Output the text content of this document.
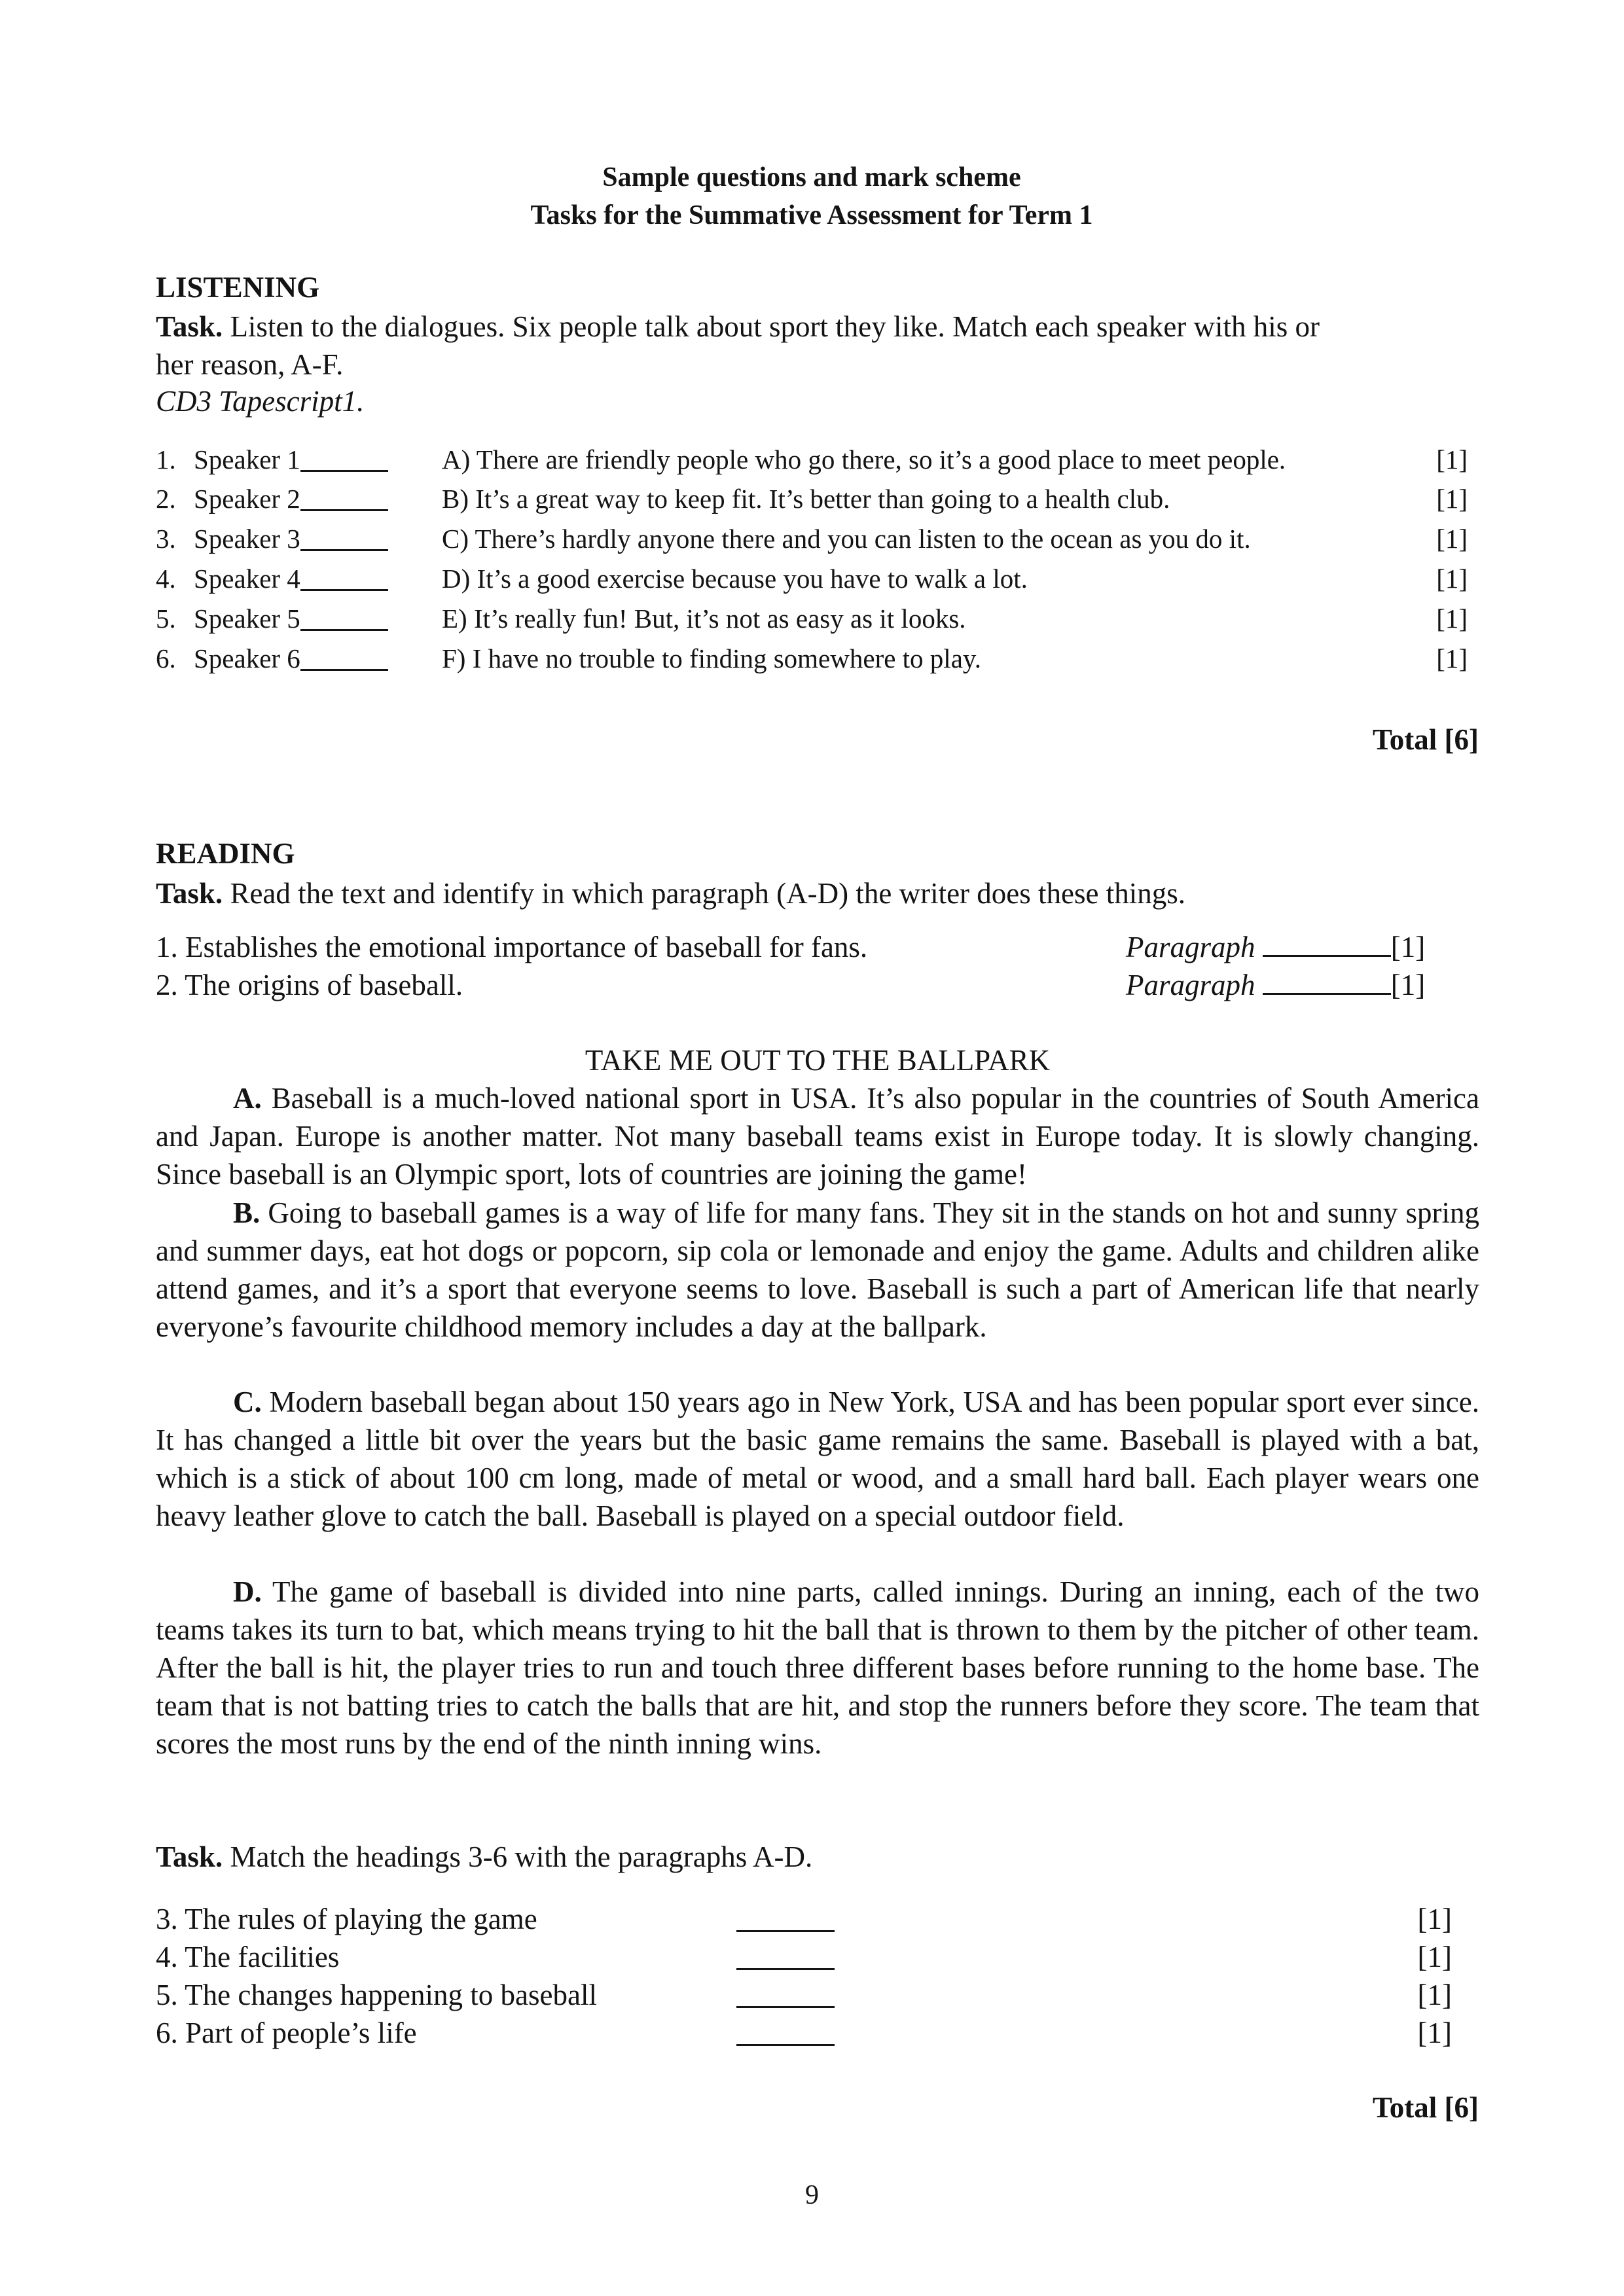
Sample questions and mark scheme
Tasks for the Summative Assessment for Term 1
LISTENING
Task. Listen to the dialogues. Six people talk about sport they like. Match each speaker with his or
her reason, A-F.
CD3 Tapescript1.
1. Speaker 1	A) There are friendly people who go there, so it’s a good place to meet people.	[1]
2. Speaker 2	B) It’s a great way to keep fit. It’s better than going to a health club.	[1]
3. Speaker 3	C) There’s hardly anyone there and you can listen to the ocean as you do it.	[1]
4. Speaker 4	D) It’s a good exercise because you have to walk a lot.	[1]
5. Speaker 5	E) It’s really fun! But, it’s not as easy as it looks.	[1]
6. Speaker 6	F) I have no trouble to finding somewhere to play.	[1]
Total [6]
READING
Task. Read the text and identify in which paragraph (A-D) the writer does these things.
1. Establishes the emotional importance of baseball for fans.	Paragraph	[1]
2. The origins of baseball.	Paragraph	[1]
TAKE ME OUT TO THE BALLPARK
A. Baseball is a much-loved national sport in USA. It’s also popular in the countries of South America and Japan. Europe is another matter. Not many baseball teams exist in Europe today. It is slowly changing. Since baseball is an Olympic sport, lots of countries are joining the game!
B. Going to baseball games is a way of life for many fans. They sit in the stands on hot and sunny spring and summer days, eat hot dogs or popcorn, sip cola or lemonade and enjoy the game. Adults and children alike attend games, and it’s a sport that everyone seems to love. Baseball is such a part of American life that nearly everyone’s favourite childhood memory includes a day at the ballpark.
C. Modern baseball began about 150 years ago in New York, USA and has been popular sport ever since. It has changed a little bit over the years but the basic game remains the same. Baseball is played with a bat, which is a stick of about 100 cm long, made of metal or wood, and a small hard ball. Each player wears one heavy leather glove to catch the ball. Baseball is played on a special outdoor field.
D. The game of baseball is divided into nine parts, called innings. During an inning, each of the two teams takes its turn to bat, which means trying to hit the ball that is thrown to them by the pitcher of other team. After the ball is hit, the player tries to run and touch three different bases before running to the home base. The team that is not batting tries to catch the balls that are hit, and stop the runners before they score. The team that scores the most runs by the end of the ninth inning wins.
Task. Match the headings 3-6 with the paragraphs A-D.
3. The rules of playing the game	[1]
4. The facilities	[1]
5. The changes happening to baseball	[1]
6. Part of people’s life	[1]
Total [6]
9
